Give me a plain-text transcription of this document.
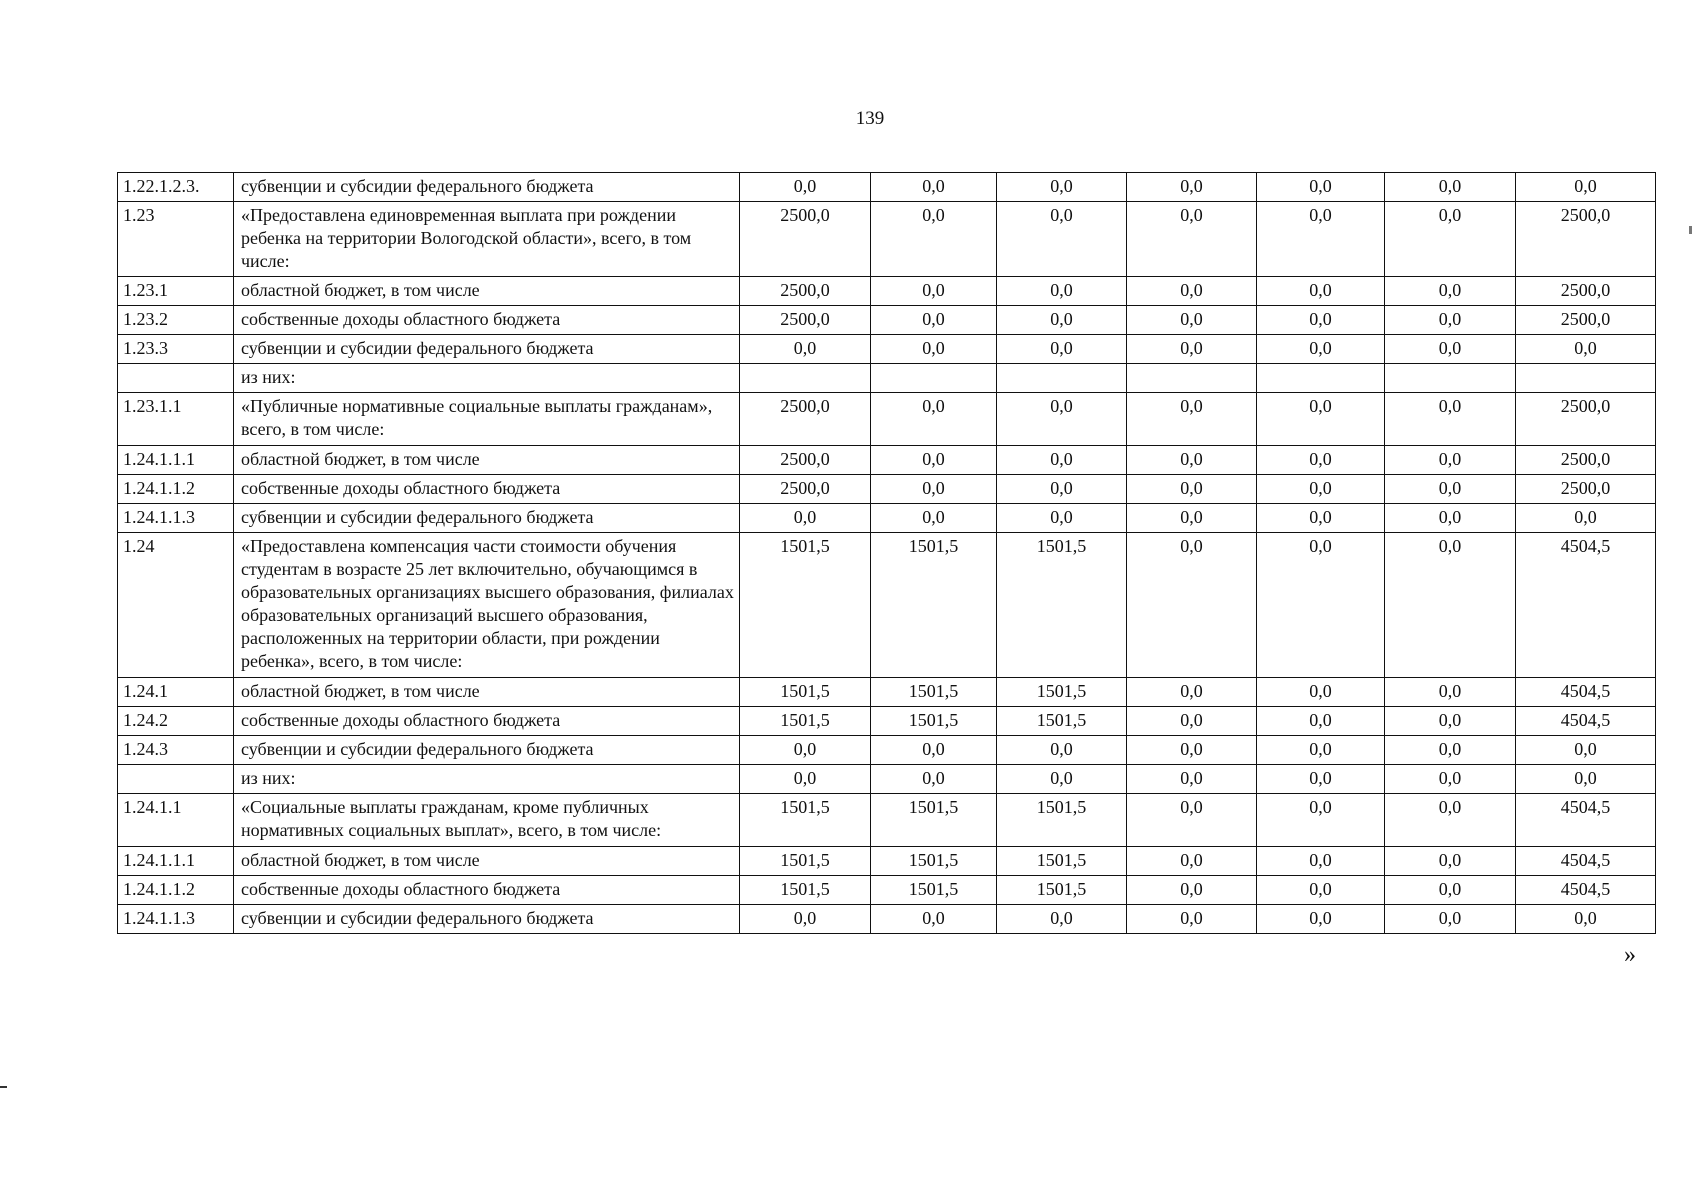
139
1.22.1.2.3.	субвенции и субсидии федерального бюджета	0,0	0,0	0,0	0,0	0,0	0,0	0,0
1.23	«Предоставлена единовременная выплата при рождении ребенка на территории Вологодской области», всего, в том числе:	2500,0	0,0	0,0	0,0	0,0	0,0	2500,0
1.23.1	областной бюджет, в том числе	2500,0	0,0	0,0	0,0	0,0	0,0	2500,0
1.23.2	собственные доходы областного бюджета	2500,0	0,0	0,0	0,0	0,0	0,0	2500,0
1.23.3	субвенции и субсидии федерального бюджета	0,0	0,0	0,0	0,0	0,0	0,0	0,0
	из них:							
1.23.1.1	«Публичные нормативные социальные выплаты гражданам», всего, в том числе:	2500,0	0,0	0,0	0,0	0,0	0,0	2500,0
1.24.1.1.1	областной бюджет, в том числе	2500,0	0,0	0,0	0,0	0,0	0,0	2500,0
1.24.1.1.2	собственные доходы областного бюджета	2500,0	0,0	0,0	0,0	0,0	0,0	2500,0
1.24.1.1.3	субвенции и субсидии федерального бюджета	0,0	0,0	0,0	0,0	0,0	0,0	0,0
1.24	«Предоставлена компенсация части стоимости обучения студентам в возрасте 25 лет включительно, обучающимся в образовательных организациях высшего образования, филиалах образовательных организаций высшего образования, расположенных на территории области, при рождении ребенка», всего, в том числе:	1501,5	1501,5	1501,5	0,0	0,0	0,0	4504,5
1.24.1	областной бюджет, в том числе	1501,5	1501,5	1501,5	0,0	0,0	0,0	4504,5
1.24.2	собственные доходы областного бюджета	1501,5	1501,5	1501,5	0,0	0,0	0,0	4504,5
1.24.3	субвенции и субсидии федерального бюджета	0,0	0,0	0,0	0,0	0,0	0,0	0,0
	из них:	0,0	0,0	0,0	0,0	0,0	0,0	0,0
1.24.1.1	«Социальные выплаты гражданам, кроме публичных нормативных социальных выплат», всего, в том числе:	1501,5	1501,5	1501,5	0,0	0,0	0,0	4504,5
1.24.1.1.1	областной бюджет, в том числе	1501,5	1501,5	1501,5	0,0	0,0	0,0	4504,5
1.24.1.1.2	собственные доходы областного бюджета	1501,5	1501,5	1501,5	0,0	0,0	0,0	4504,5
1.24.1.1.3	субвенции и субсидии федерального бюджета	0,0	0,0	0,0	0,0	0,0	0,0	0,0
»
